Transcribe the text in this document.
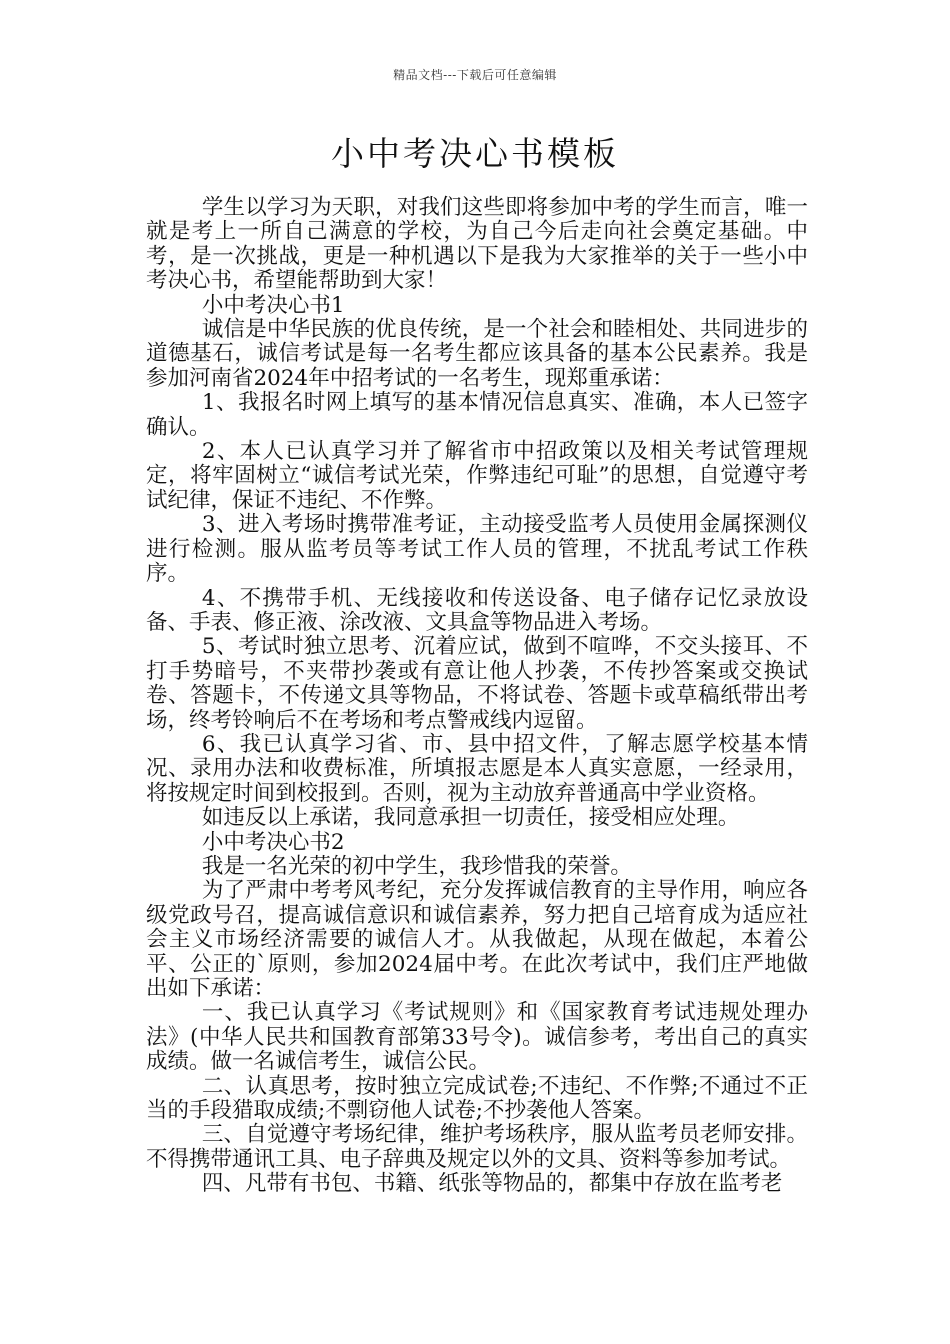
精品文档---下载后可任意编辑
小中考决心书模板

学生以学习为天职，对我们这些即将参加中考的学生而言，唯一就是考上一所自己满意的学校，为自己今后走向社会奠定基础。中考，是一次挑战，更是一种机遇以下是我为大家推举的关于一些小中考决心书，希望能帮助到大家！

小中考决心书1

诚信是中华民族的优良传统，是一个社会和睦相处、共同进步的道德基石，诚信考试是每一名考生都应该具备的基本公民素养。我是参加河南省2024年中招考试的一名考生，现郑重承诺：

1、我报名时网上填写的基本情况信息真实、准确，本人已签字确认。

2、本人已认真学习并了解省市中招政策以及相关考试管理规定，将牢固树立“诚信考试光荣，作弊违纪可耻”的思想，自觉遵守考试纪律，保证不违纪、不作弊。

3、进入考场时携带准考证，主动接受监考人员使用金属探测仪进行检测。服从监考员等考试工作人员的管理，不扰乱考试工作秩序。

4、不携带手机、无线接收和传送设备、电子储存记忆录放设备、手表、修正液、涂改液、文具盒等物品进入考场。

5、考试时独立思考、沉着应试，做到不喧哗，不交头接耳、不打手势暗号，不夹带抄袭或有意让他人抄袭，不传抄答案或交换试卷、答题卡，不传递文具等物品，不将试卷、答题卡或草稿纸带出考场，终考铃响后不在考场和考点警戒线内逗留。

6、我已认真学习省、市、县中招文件，了解志愿学校基本情况、录用办法和收费标准，所填报志愿是本人真实意愿，一经录用，将按规定时间到校报到。否则，视为主动放弃普通高中学业资格。

如违反以上承诺，我同意承担一切责任，接受相应处理。

小中考决心书2

我是一名光荣的初中学生，我珍惜我的荣誉。

为了严肃中考考风考纪，充分发挥诚信教育的主导作用，响应各级党政号召，提高诚信意识和诚信素养，努力把自己培育成为适应社会主义市场经济需要的诚信人才。从我做起，从现在做起，本着公平、公正的`原则，参加2024届中考。在此次考试中，我们庄严地做出如下承诺：

一、我已认真学习《考试规则》和《国家教育考试违规处理办法》(中华人民共和国教育部第33号令)。诚信参考，考出自己的真实成绩。做一名诚信考生，诚信公民。

二、认真思考，按时独立完成试卷;不违纪、不作弊;不通过不正当的手段猎取成绩;不剽窃他人试卷;不抄袭他人答案。

三、自觉遵守考场纪律，维护考场秩序，服从监考员老师安排。不得携带通讯工具、电子辞典及规定以外的文具、资料等参加考试。

四、凡带有书包、书籍、纸张等物品的，都集中存放在监考老
